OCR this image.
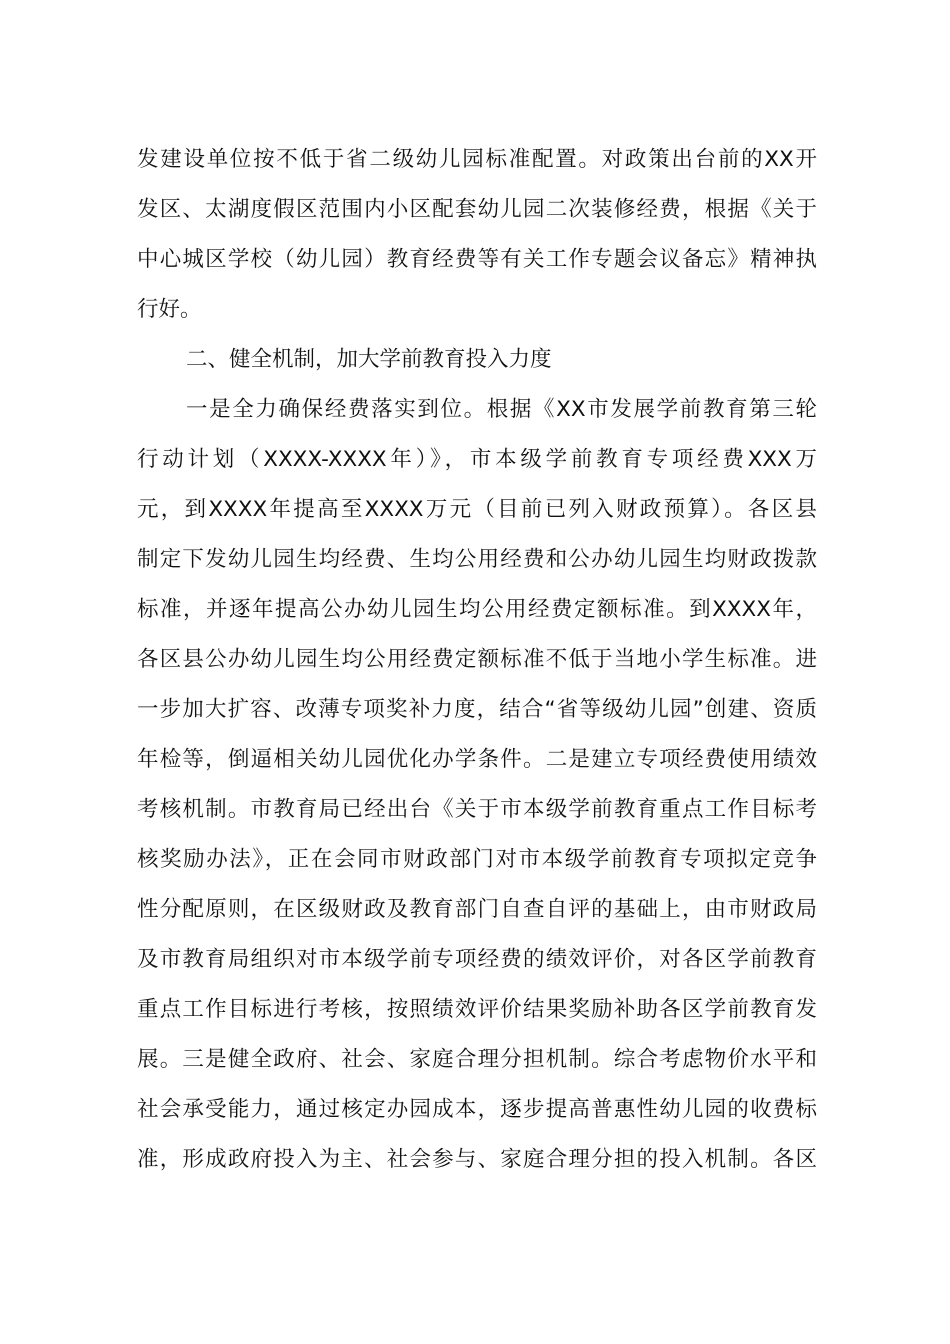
发建设单位按不低于省二级幼儿园标准配置。对政策出台前的XX开
发区、太湖度假区范围内小区配套幼儿园二次装修经费，根据《关于
中心城区学校（幼儿园）教育经费等有关工作专题会议备忘》精神执
行好。
二、健全机制，加大学前教育投入力度
一是全力确保经费落实到位。根据《XX市发展学前教育第三轮
行动计划（XXXX-XXXX年）》，市本级学前教育专项经费XXX万
元，到XXXX年提高至XXXX万元（目前已列入财政预算）。各区县
制定下发幼儿园生均经费、生均公用经费和公办幼儿园生均财政拨款
标准，并逐年提高公办幼儿园生均公用经费定额标准。到XXXX年，
各区县公办幼儿园生均公用经费定额标准不低于当地小学生标准。进
一步加大扩容、改薄专项奖补力度，结合“省等级幼儿园”创建、资质
年检等，倒逼相关幼儿园优化办学条件。二是建立专项经费使用绩效
考核机制。市教育局已经出台《关于市本级学前教育重点工作目标考
核奖励办法》，正在会同市财政部门对市本级学前教育专项拟定竞争
性分配原则，在区级财政及教育部门自查自评的基础上，由市财政局
及市教育局组织对市本级学前专项经费的绩效评价，对各区学前教育
重点工作目标进行考核，按照绩效评价结果奖励补助各区学前教育发
展。三是健全政府、社会、家庭合理分担机制。综合考虑物价水平和
社会承受能力，通过核定办园成本，逐步提高普惠性幼儿园的收费标
准，形成政府投入为主、社会参与、家庭合理分担的投入机制。各区
